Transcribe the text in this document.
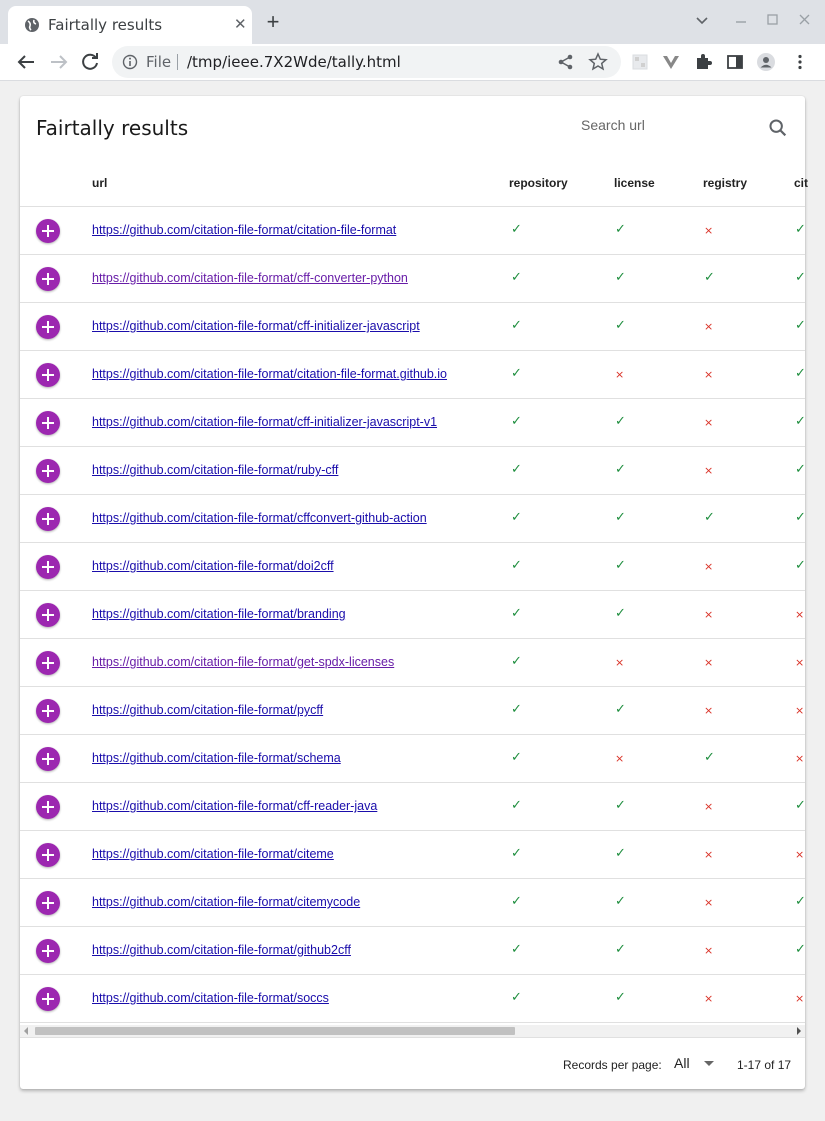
Fairtally results	✕ +
File /tmp/ieee.7X2Wde/tally.html
Fairtally results
Search url
url	repository	license	registry	cit
https://github.com/citation-file-format/citation-file-format	✓	✓	×	✓
https://github.com/citation-file-format/cff-converter-python	✓	✓	✓	✓
https://github.com/citation-file-format/cff-initializer-javascript	✓	✓	×	✓
https://github.com/citation-file-format/citation-file-format.github.io	✓	×	×	✓
https://github.com/citation-file-format/cff-initializer-javascript-v1	✓	✓	×	✓
https://github.com/citation-file-format/ruby-cff	✓	✓	×	✓
https://github.com/citation-file-format/cffconvert-github-action	✓	✓	✓	✓
https://github.com/citation-file-format/doi2cff	✓	✓	×	✓
https://github.com/citation-file-format/branding	✓	✓	×	×
https://github.com/citation-file-format/get-spdx-licenses	✓	×	×	×
https://github.com/citation-file-format/pycff	✓	✓	×	×
https://github.com/citation-file-format/schema	✓	×	✓	×
https://github.com/citation-file-format/cff-reader-java	✓	✓	×	✓
https://github.com/citation-file-format/citeme	✓	✓	×	×
https://github.com/citation-file-format/citemycode	✓	✓	×	✓
https://github.com/citation-file-format/github2cff	✓	✓	×	✓
https://github.com/citation-file-format/soccs	✓	✓	×	×
Records per page: All	1-17 of 17
